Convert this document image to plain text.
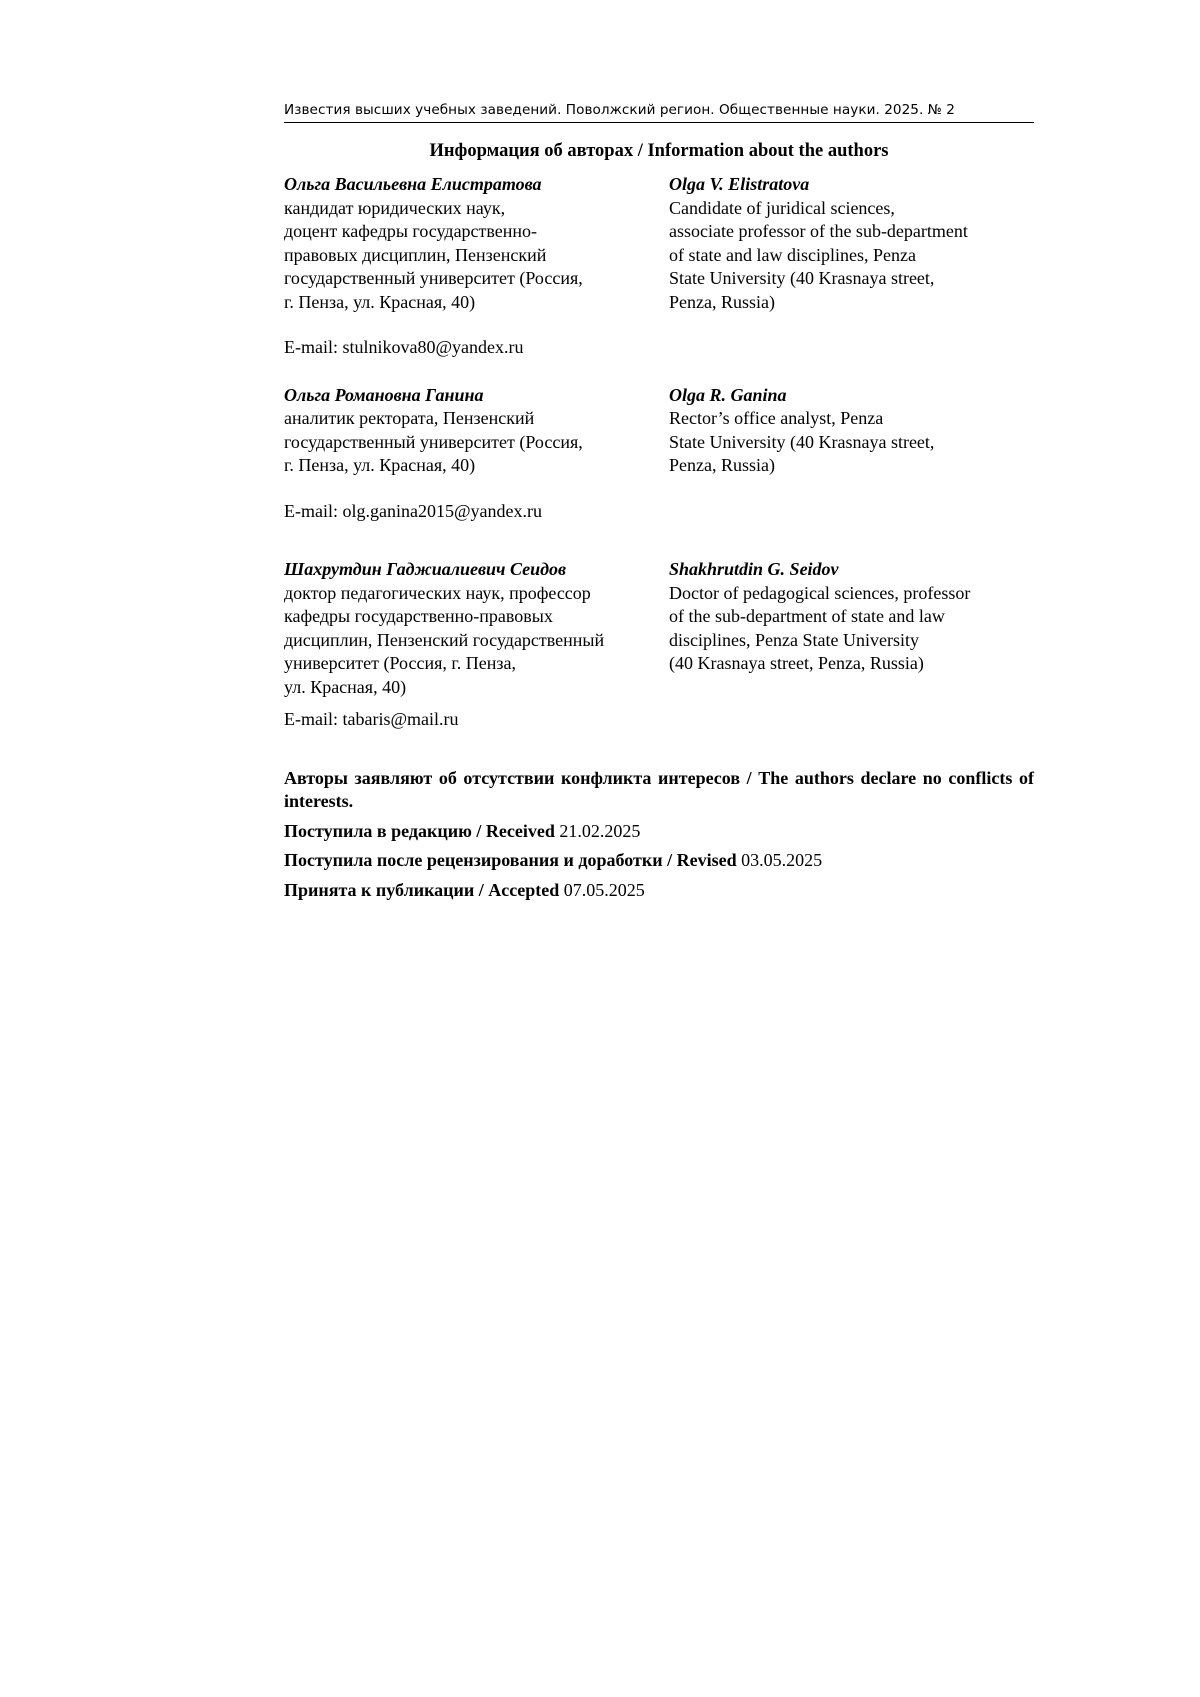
Известия высших учебных заведений. Поволжский регион. Общественные науки. 2025. № 2
Информация об авторах / Information about the authors
Ольга Васильевна Елистратова
кандидат юридических наук,
доцент кафедры государственно-
правовых дисциплин, Пензенский
государственный университет (Россия,
г. Пенза, ул. Красная, 40)
Olga V. Elistratova
Candidate of juridical sciences,
associate professor of the sub-department
of state and law disciplines, Penza
State University (40 Krasnaya street,
Penza, Russia)
E-mail: stulnikova80@yandex.ru
Ольга Романовна Ганина
аналитик ректората, Пензенский
государственный университет (Россия,
г. Пенза, ул. Красная, 40)
Olga R. Ganina
Rector’s office analyst, Penza
State University (40 Krasnaya street,
Penza, Russia)
E-mail: olg.ganina2015@yandex.ru
Шахрутдин Гаджиалиевич Сеидов
доктор педагогических наук, профессор
кафедры государственно-правовых
дисциплин, Пензенский государственный
университет (Россия, г. Пенза,
ул. Красная, 40)
Shakhrutdin G. Seidov
Doctor of pedagogical sciences, professor
of the sub-department of state and law
disciplines, Penza State University
(40 Krasnaya street, Penza, Russia)
E-mail: tabaris@mail.ru
Авторы заявляют об отсутствии конфликта интересов / The authors declare no conflicts of interests.
Поступила в редакцию / Received 21.02.2025
Поступила после рецензирования и доработки / Revised 03.05.2025
Принята к публикации / Accepted 07.05.2025
